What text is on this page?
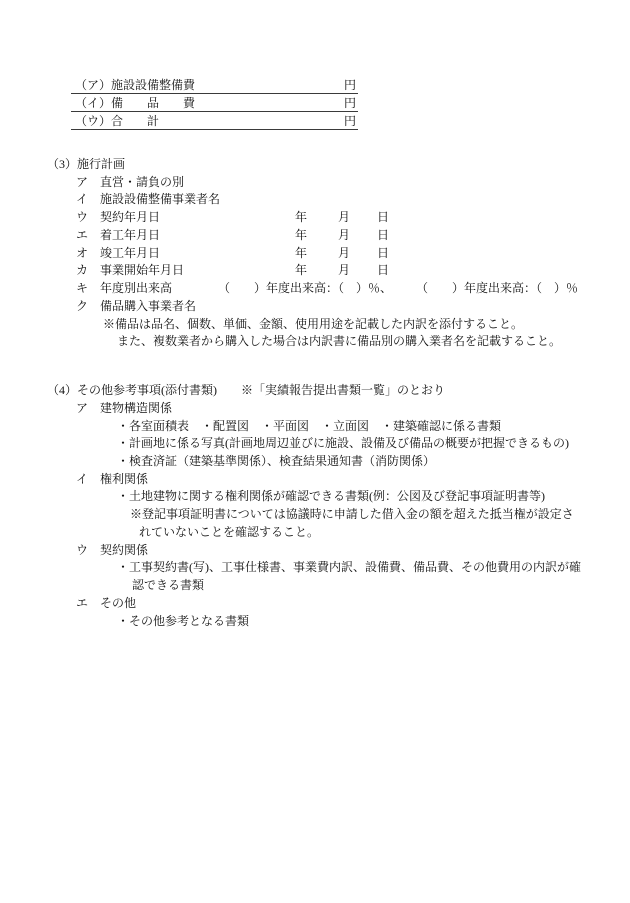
（ア）施設設備整備費	円
（イ）備　　品　　費	円
（ウ）合　　計	円
（3）施行計画
ア 直営・請負の別
イ 施設設備整備事業者名
ウ 契約年月日	年	月 日
エ 着工年月日	年	月 日
オ 竣工年月日	年	月 日
カ 事業開始年月日	年	月 日
キ 年度別出来高	（　　）年度出来高：（　）％、　　　（　　）年度出来高：（　）％
ク 備品購入事業者名
※備品は品名、個数、単価、金額、使用用途を記載した内訳を添付すること。
また、複数業者から購入した場合は内訳書に備品別の購入業者名を記載すること。
（4）その他参考事項(添付書類)　　※「実績報告提出書類一覧」のとおり
ア 建物構造関係
・各室面積表　・配置図　・平面図　・立面図　・建築確認に係る書類
・計画地に係る写真(計画地周辺並びに施設、設備及び備品の概要が把握できるもの)
・検査済証（建築基準関係）、検査結果通知書（消防関係）
イ 権利関係
・土地建物に関する権利関係が確認できる書類(例：公図及び登記事項証明書等)
※登記事項証明書については協議時に申請した借入金の額を超えた抵当権が設定さ
れていないことを確認すること。
ウ 契約関係
・工事契約書(写)、工事仕様書、事業費内訳、設備費、備品費、その他費用の内訳が確
認できる書類
エ その他
・その他参考となる書類
